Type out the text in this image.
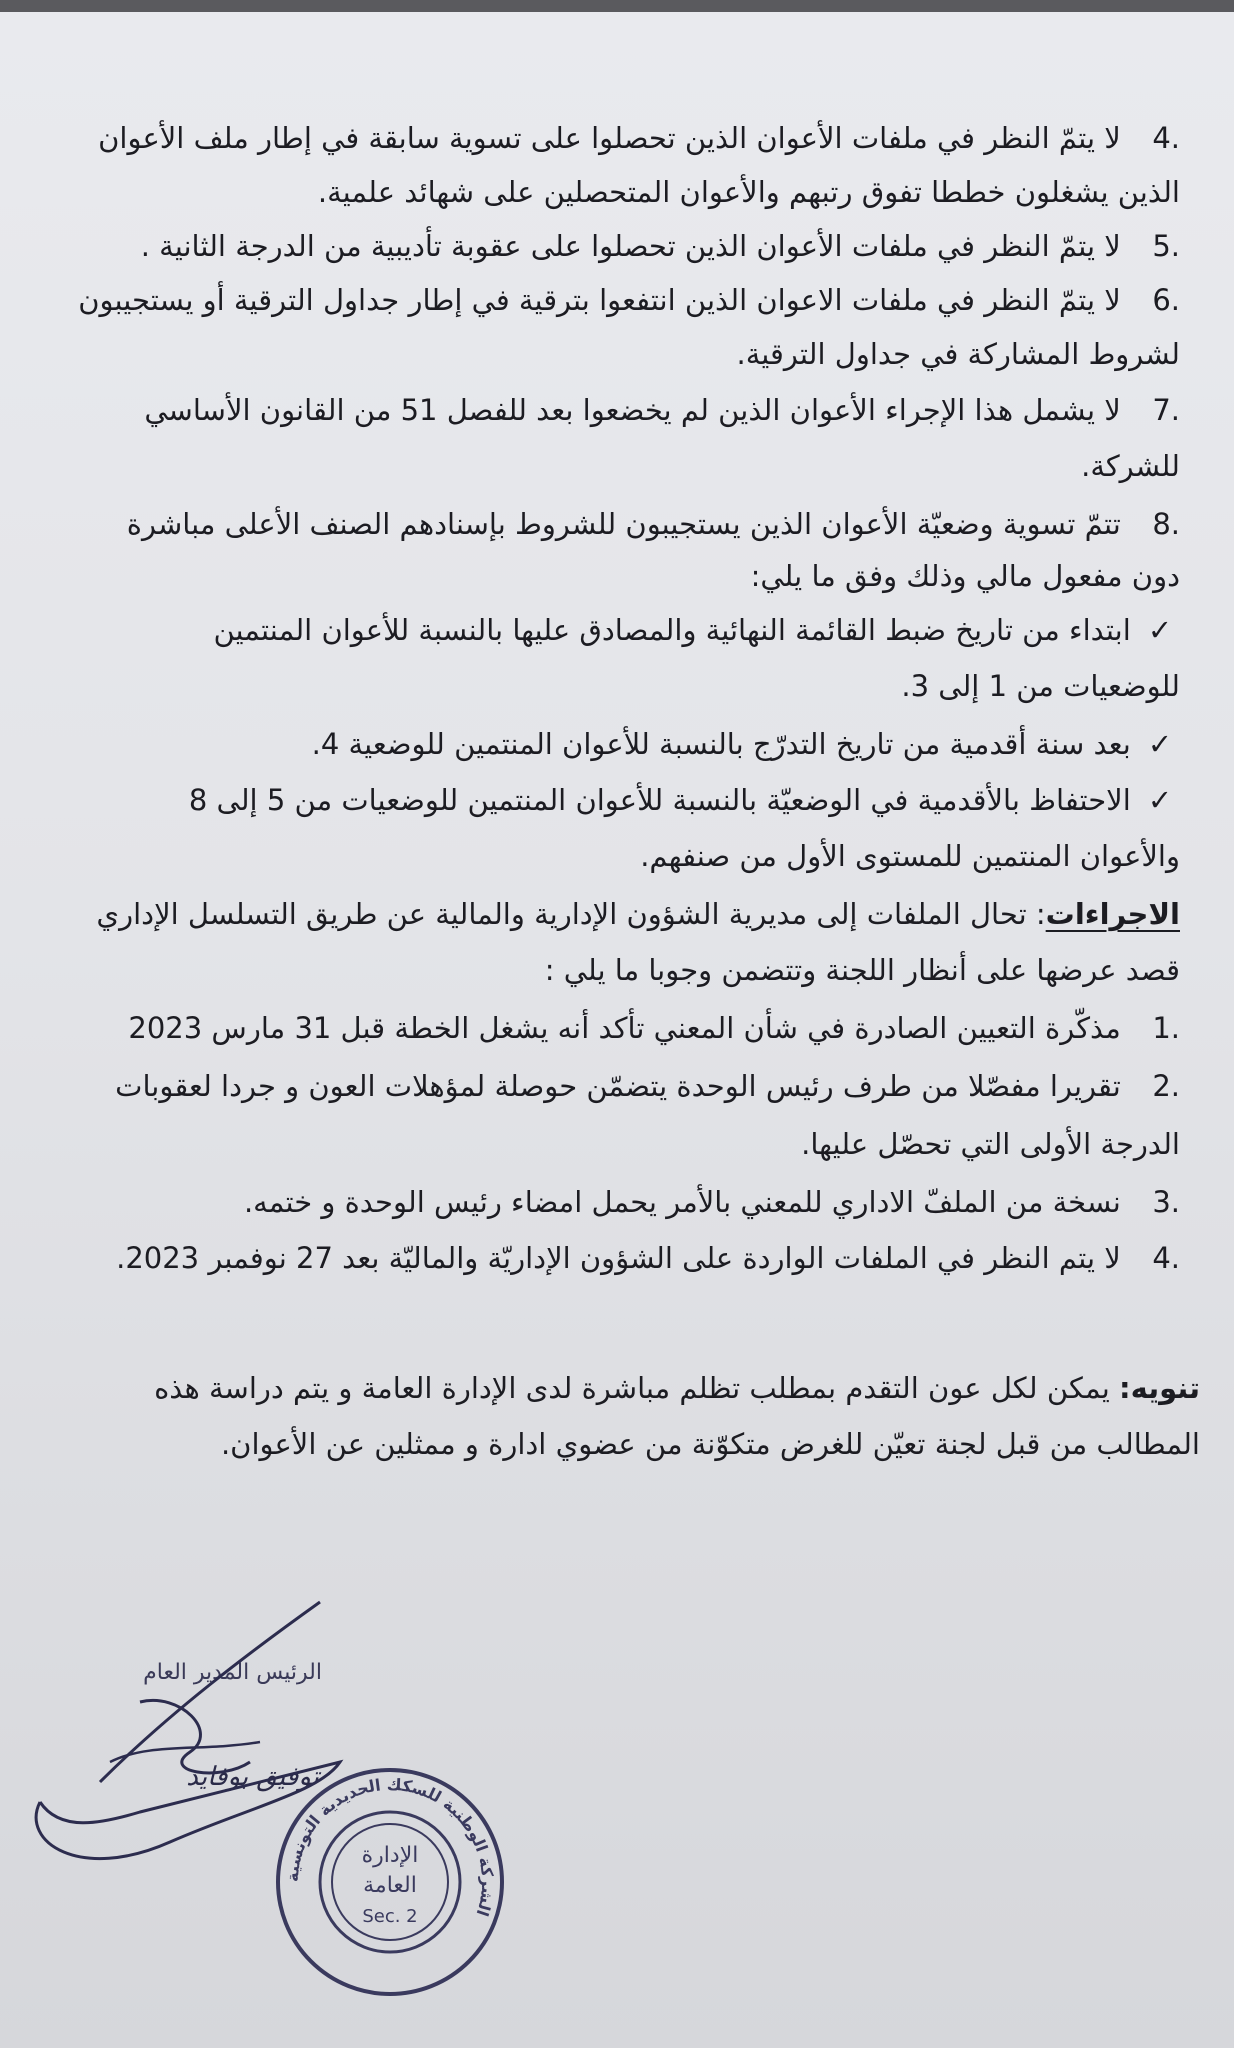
.4 لا يتمّ النظر في ملفات الأعوان الذين تحصلوا على تسوية سابقة في إطار ملف الأعوان
الذين يشغلون خططا تفوق رتبهم والأعوان المتحصلين على شهائد علمية.
.5 لا يتمّ النظر في ملفات الأعوان الذين تحصلوا على عقوبة تأديبية من الدرجة الثانية .
.6 لا يتمّ النظر في ملفات الاعوان الذين انتفعوا بترقية في إطار جداول الترقية أو يستجيبون
لشروط المشاركة في جداول الترقية.
.7 لا يشمل هذا الإجراء الأعوان الذين لم يخضعوا بعد للفصل 51 من القانون الأساسي
للشركة.
.8 تتمّ تسوية وضعيّة الأعوان الذين يستجيبون للشروط بإسنادهم الصنف الأعلى مباشرة
دون مفعول مالي وذلك وفق ما يلي:
✓ ابتداء من تاريخ ضبط القائمة النهائية والمصادق عليها بالنسبة للأعوان المنتمين
للوضعيات من 1 إلى 3.
✓ بعد سنة أقدمية من تاريخ التدرّج بالنسبة للأعوان المنتمين للوضعية 4.
✓ الاحتفاظ بالأقدمية في الوضعيّة بالنسبة للأعوان المنتمين للوضعيات من 5 إلى 8
والأعوان المنتمين للمستوى الأول من صنفهم.
الاجراءات: تحال الملفات إلى مديرية الشؤون الإدارية والمالية عن طريق التسلسل الإداري
قصد عرضها على أنظار اللجنة وتتضمن وجوبا ما يلي :
.1 مذكّرة التعيين الصادرة في شأن المعني تأكد أنه يشغل الخطة قبل 31 مارس 2023
.2 تقريرا مفصّلا من طرف رئيس الوحدة يتضمّن حوصلة لمؤهلات العون و جردا لعقوبات
الدرجة الأولى التي تحصّل عليها.
.3 نسخة من الملفّ الاداري للمعني بالأمر يحمل امضاء رئيس الوحدة و ختمه.
.4 لا يتم النظر في الملفات الواردة على الشؤون الإداريّة والماليّة بعد 27 نوفمبر 2023.
تنويه: يمكن لكل عون التقدم بمطلب تظلم مباشرة لدى الإدارة العامة و يتم دراسة هذه
المطالب من قبل لجنة تعيّن للغرض متكوّنة من عضوي ادارة و ممثلين عن الأعوان.
الرئيس المدير العام
توفيق بوفايد
الشركة الوطنية للسكك الحديدية التونسية
الإدارة
العامة
Sec. 2
